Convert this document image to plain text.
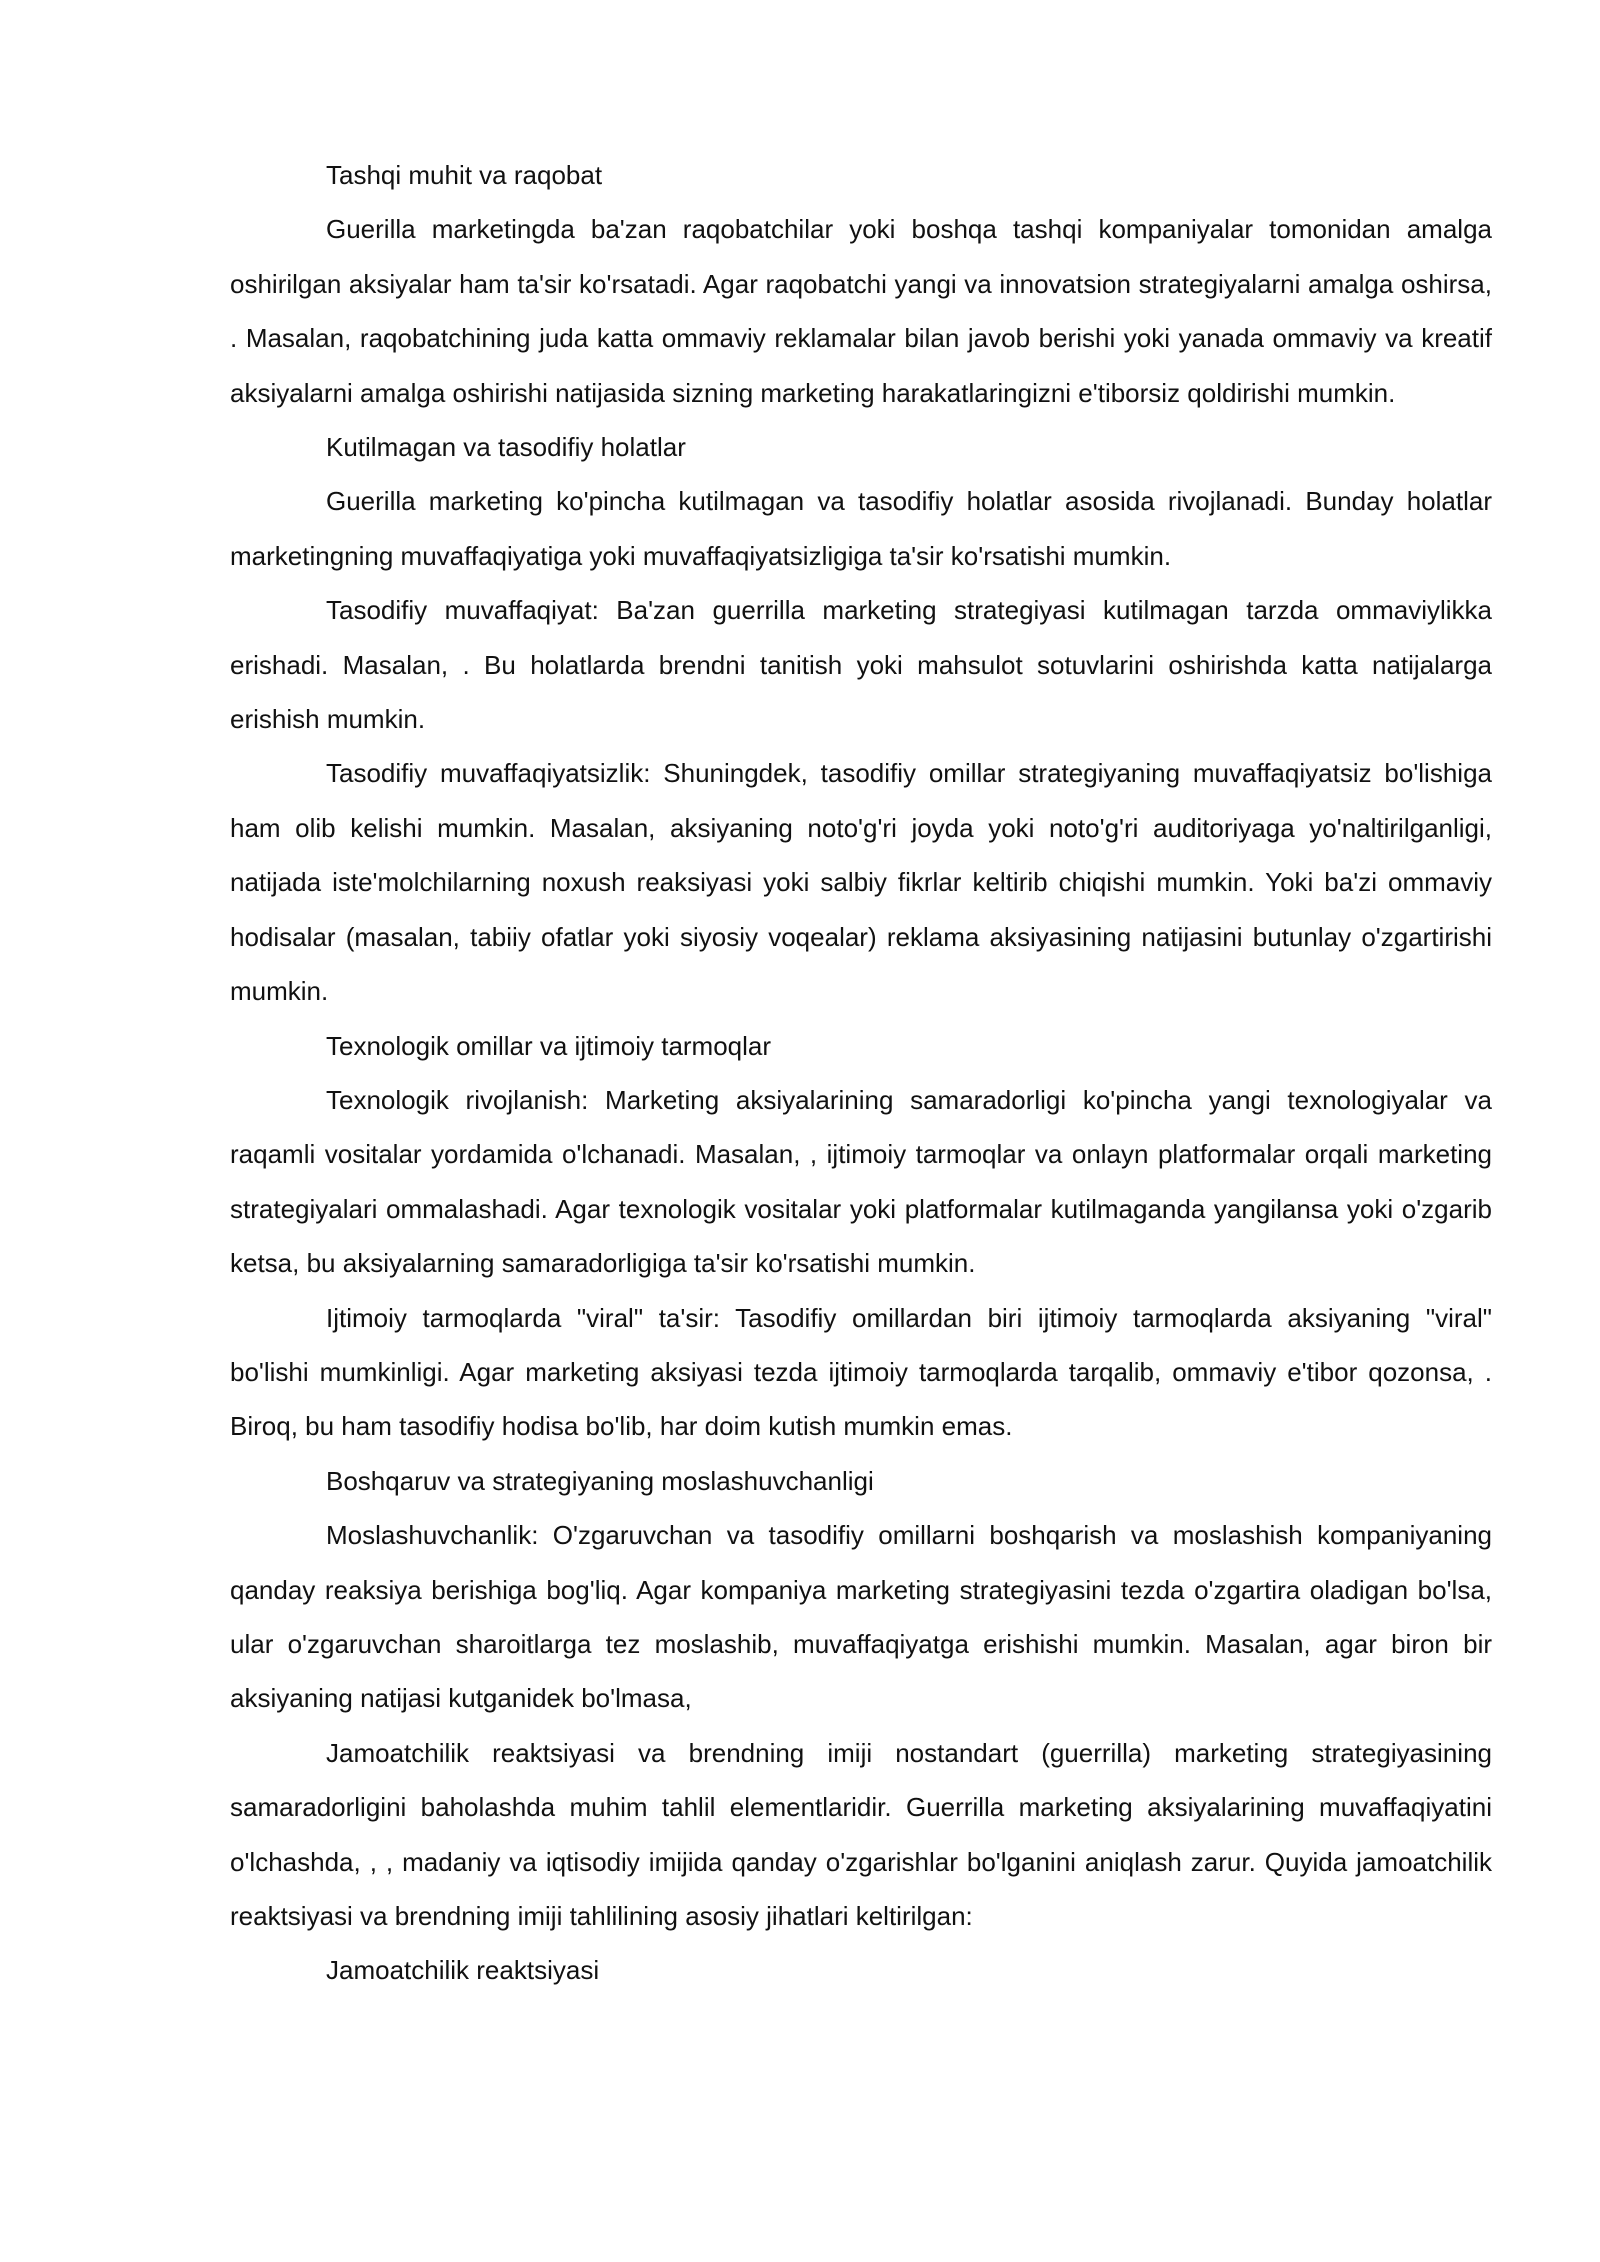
Tashqi muhit va raqobat

Guerilla marketingda ba'zan raqobatchilar yoki boshqa tashqi kompaniyalar tomonidan amalga oshirilgan aksiyalar ham ta'sir ko'rsatadi. Agar raqobatchi yangi va innovatsion strategiyalarni amalga oshirsa, . Masalan, raqobatchining juda katta ommaviy reklamalar bilan javob berishi yoki yanada ommaviy va kreatif aksiyalarni amalga oshirishi natijasida sizning marketing harakatlaringizni e'tiborsiz qoldirishi mumkin.

Kutilmagan va tasodifiy holatlar

Guerilla marketing ko'pincha kutilmagan va tasodifiy holatlar asosida rivojlanadi. Bunday holatlar marketingning muvaffaqiyatiga yoki muvaffaqiyatsizligiga ta'sir ko'rsatishi mumkin.

Tasodifiy muvaffaqiyat: Ba'zan guerrilla marketing strategiyasi kutilmagan tarzda ommaviylikka erishadi. Masalan, . Bu holatlarda brendni tanitish yoki mahsulot sotuvlarini oshirishda katta natijalarga erishish mumkin.

Tasodifiy muvaffaqiyatsizlik: Shuningdek, tasodifiy omillar strategiyaning muvaffaqiyatsiz bo'lishiga ham olib kelishi mumkin. Masalan, aksiyaning noto'g'ri joyda yoki noto'g'ri auditoriyaga yo'naltirilganligi, natijada iste'molchilarning noxush reaksiyasi yoki salbiy fikrlar keltirib chiqishi mumkin. Yoki ba'zi ommaviy hodisalar (masalan, tabiiy ofatlar yoki siyosiy voqealar) reklama aksiyasining natijasini butunlay o'zgartirishi mumkin.

Texnologik omillar va ijtimoiy tarmoqlar

Texnologik rivojlanish: Marketing aksiyalarining samaradorligi ko'pincha yangi texnologiyalar va raqamli vositalar yordamida o'lchanadi. Masalan, , ijtimoiy tarmoqlar va onlayn platformalar orqali marketing strategiyalari ommalashadi. Agar texnologik vositalar yoki platformalar kutilmaganda yangilansa yoki o'zgarib ketsa, bu aksiyalarning samaradorligiga ta'sir ko'rsatishi mumkin.

Ijtimoiy tarmoqlarda "viral" ta'sir: Tasodifiy omillardan biri ijtimoiy tarmoqlarda aksiyaning "viral" bo'lishi mumkinligi. Agar marketing aksiyasi tezda ijtimoiy tarmoqlarda tarqalib, ommaviy e'tibor qozonsa, . Biroq, bu ham tasodifiy hodisa bo'lib, har doim kutish mumkin emas.

Boshqaruv va strategiyaning moslashuvchanligi

Moslashuvchanlik: O'zgaruvchan va tasodifiy omillarni boshqarish va moslashish kompaniyaning qanday reaksiya berishiga bog'liq. Agar kompaniya marketing strategiyasini tezda o'zgartira oladigan bo'lsa, ular o'zgaruvchan sharoitlarga tez moslashib, muvaffaqiyatga erishishi mumkin. Masalan, agar biron bir aksiyaning natijasi kutganidek bo'lmasa,

Jamoatchilik reaktsiyasi va brendning imiji nostandart (guerrilla) marketing strategiyasining samaradorligini baholashda muhim tahlil elementlaridir. Guerrilla marketing aksiyalarining muvaffaqiyatini o'lchashda, , , madaniy va iqtisodiy imijida qanday o'zgarishlar bo'lganini aniqlash zarur. Quyida jamoatchilik reaktsiyasi va brendning imiji tahlilining asosiy jihatlari keltirilgan:

Jamoatchilik reaktsiyasi
